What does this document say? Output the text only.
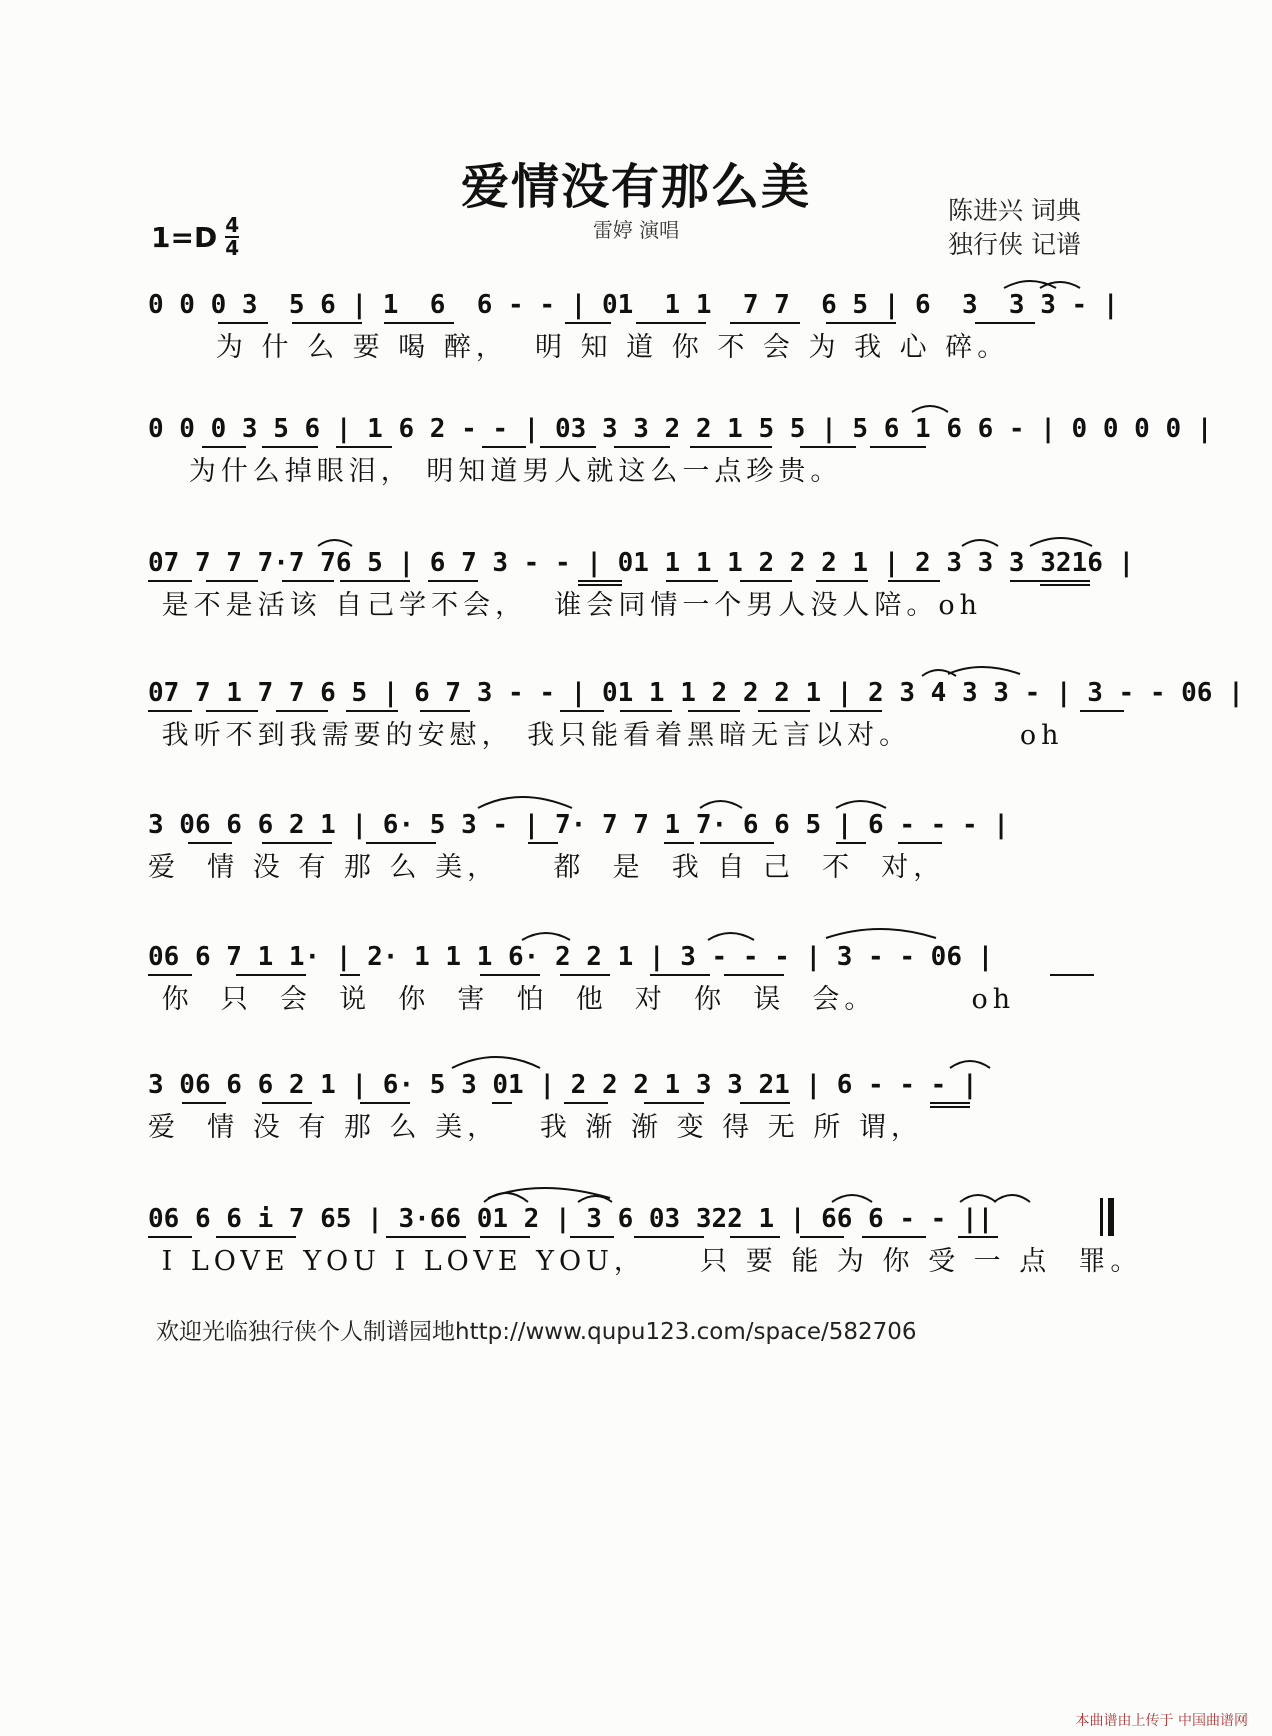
爱情没有那么美
雷婷 演唱
陈进兴 词典
独行侠 记谱
$1=D \frac{4}{4}$
0 0 0 3  5 6 | 1  6  6 - - | 01  1 1  7 7  6 5 | 6  3  3 3 - |
为 什 么 要 喝 醉，  明 知 道 你 不 会 为 我 心 碎。
0 0 0 3 5 6 | 1 6 2 - - | 03 3 3 2 2 1 5 5 | 5 6 1 6 6 - | 0 0 0 0 |
为什么掉眼泪， 明知道男人就这么一点珍贵。
07 7 7 7·7 76 5 | 6 7 3 - - | 01 1 1 1 2 2 2 1 | 2 3 3 3 3216 |
是不是活该 自己学不会，  谁会同情一个男人没人陪。oh
07 7 1 7 7 6 5 | 6 7 3 - - | 01 1 1 2 2 2 1 | 2 3 4 3 3 - | 3 - - 06 |
我听不到我需要的安慰， 我只能看着黑暗无言以对。        oh
3 06 6 6 2 1 | 6· 5 3 - | 7· 7 7 1 7· 6 6 5 | 6 - - - |
爱  情 没 有 那 么 美，    都  是  我 自 己  不  对，
06 6 7 1 1· | 2· 1 1 1 6· 2 2 1 | 3 - - - | 3 - - 06 |
你  只  会  说  你  害  怕  他  对  你  误  会。       oh
3 06 6 6 2 1 | 6· 5 3 01 | 2 2 2 1 3 3 21 | 6 - - - |
爱  情 没 有 那 么 美，   我 渐 渐 变 得 无 所 谓，
06 6 6 i 7 65 | 3·66 01 2 | 3 6 03 322 1 | 66 6 - - ||
I LOVE YOU I LOVE YOU，    只 要 能 为 你 受 一 点  罪。
欢迎光临独行侠个人制谱园地http://www.qupu123.com/space/582706
本曲谱由上传于 中国曲谱网
